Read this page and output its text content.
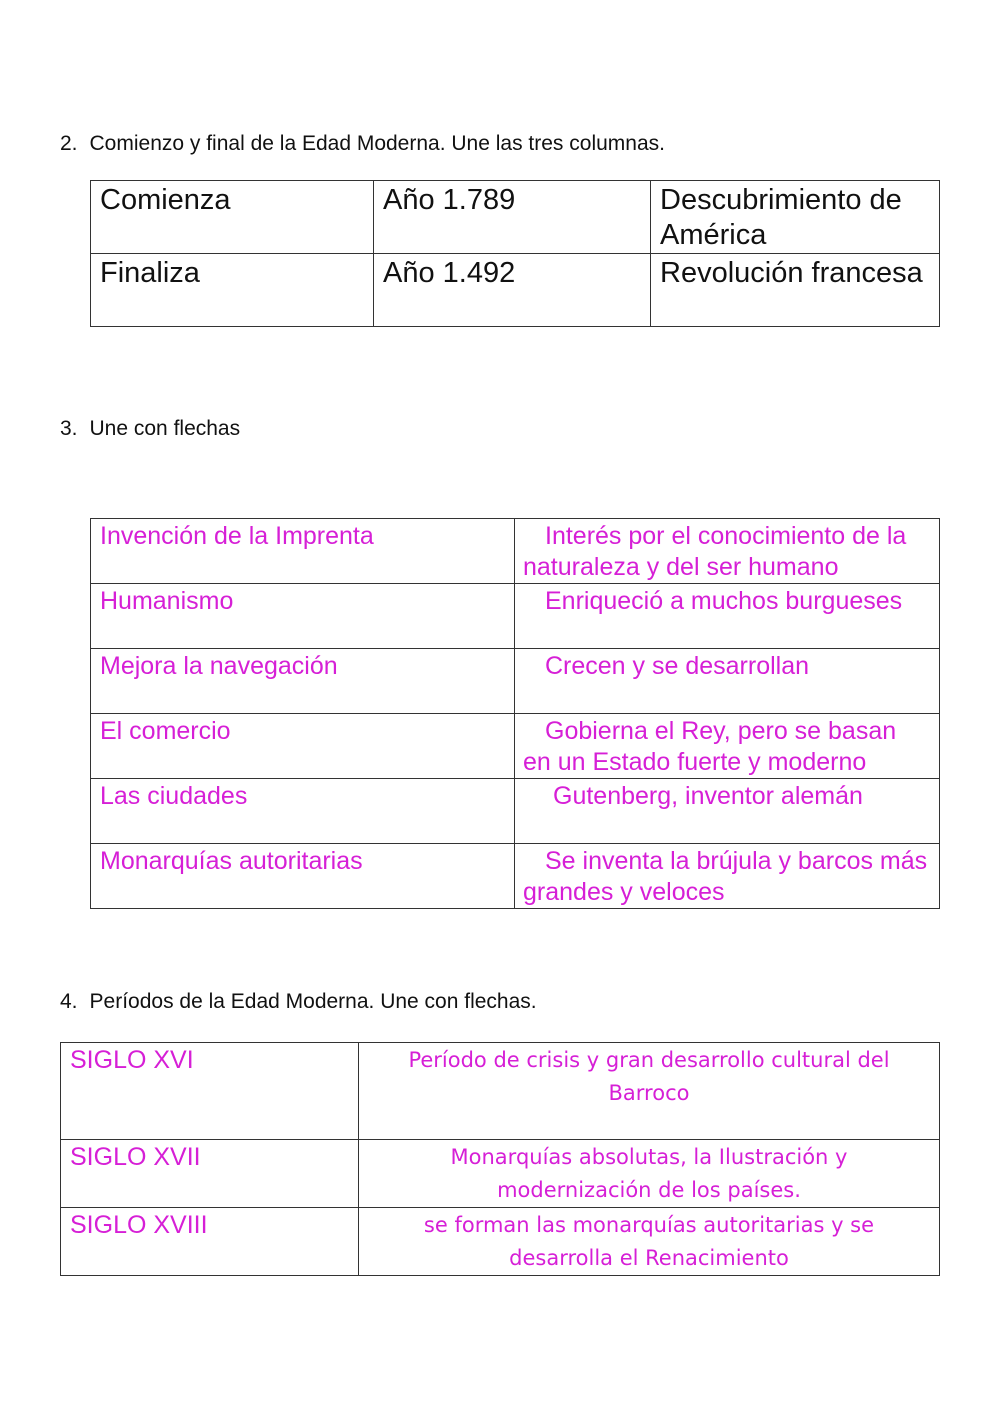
2. Comienzo y final de la Edad Moderna. Une las tres columnas.
Comienza	Año 1.789	Descubrimiento de América
Finaliza	Año 1.492	Revolución francesa
3. Une con flechas
Invención de la Imprenta	Interés por el conocimiento de la naturaleza y del ser humano
Humanismo	Enriqueció a muchos burgueses
Mejora la navegación	Crecen y se desarrollan
El comercio	Gobierna el Rey, pero se basan en un Estado fuerte y moderno
Las ciudades	Gutenberg, inventor alemán
Monarquías autoritarias	Se inventa la brújula y barcos más grandes y veloces
4. Períodos de la Edad Moderna. Une con flechas.
SIGLO XVI	Período de crisis y gran desarrollo cultural del Barroco
SIGLO XVII	Monarquías absolutas, la Ilustración y modernización de los países.
SIGLO XVIII	se forman las monarquías autoritarias y se desarrolla el Renacimiento
